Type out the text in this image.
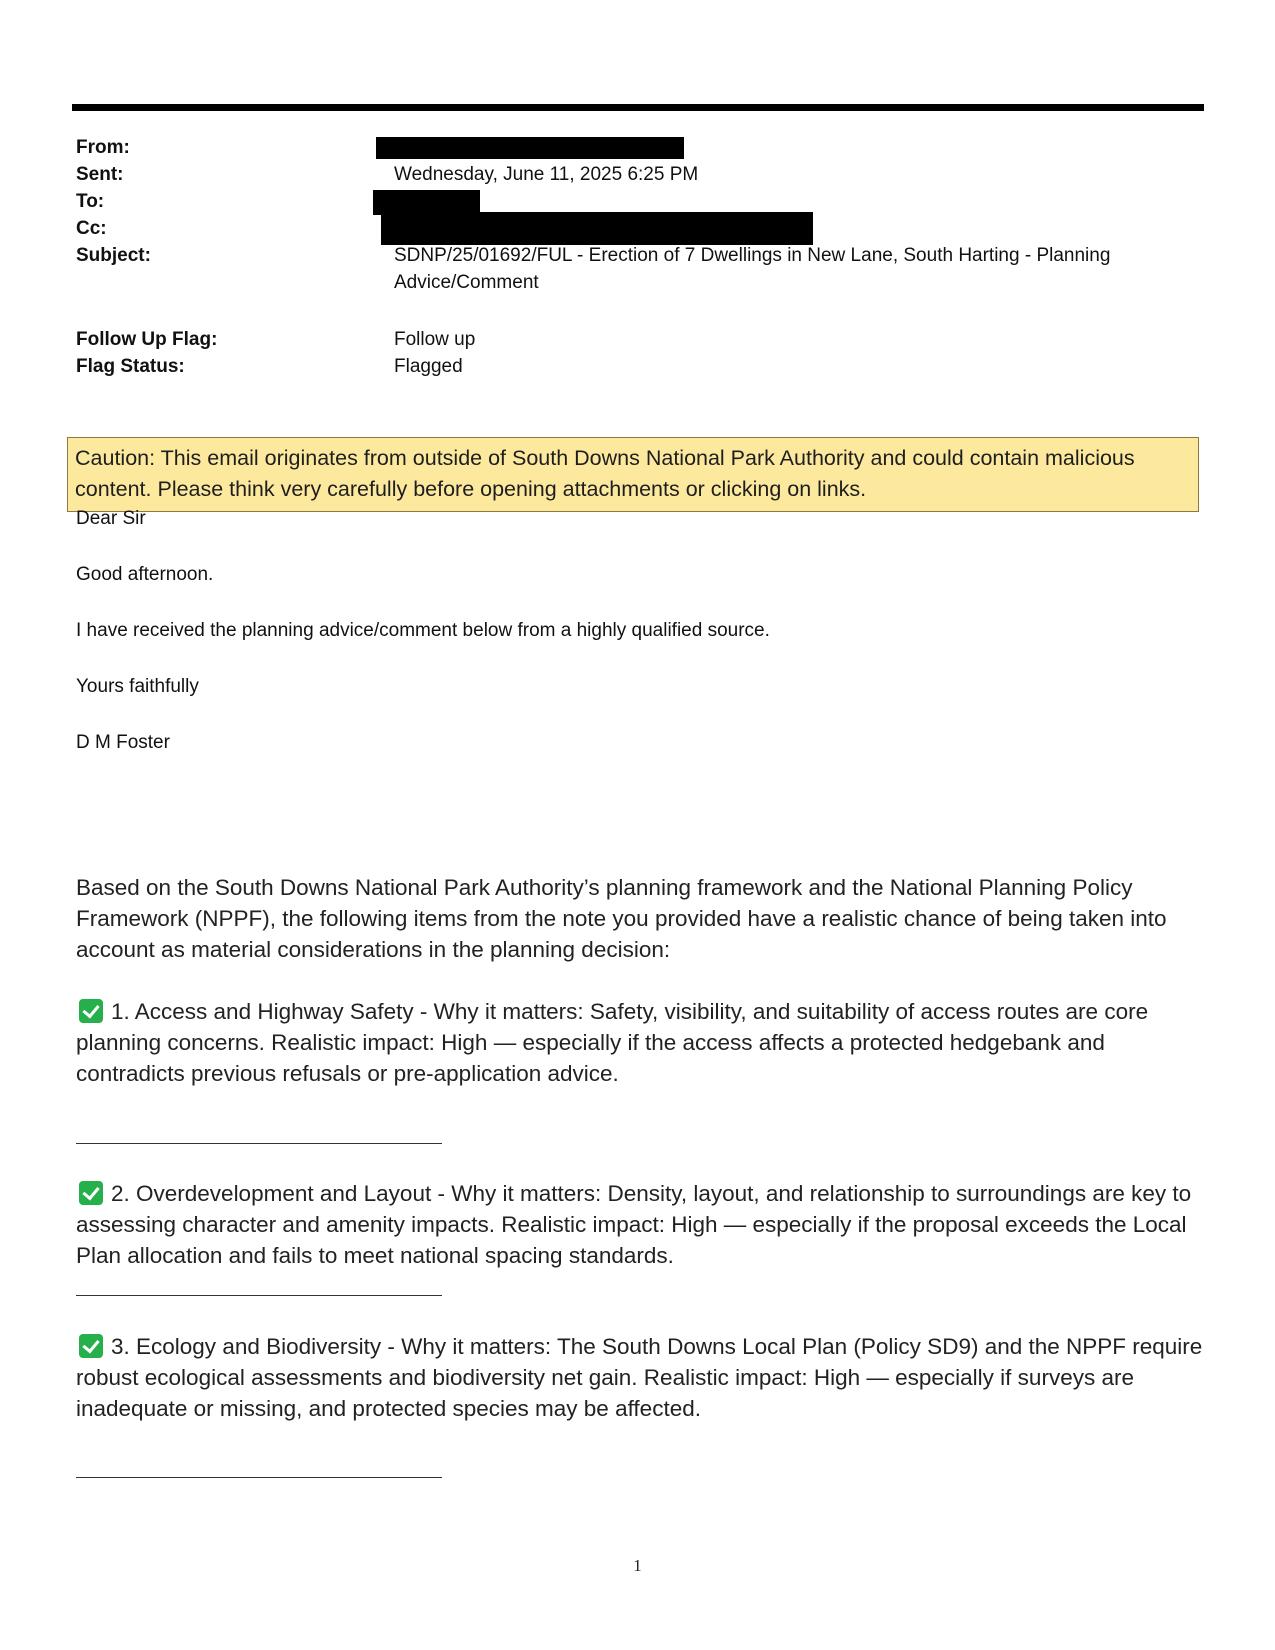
From:
Sent:	Wednesday, June 11, 2025 6:25 PM
To:
Cc:
Subject:	SDNP/25/01692/FUL - Erection of 7 Dwellings in New Lane, South Harting - Planning Advice/Comment
Follow Up Flag:	Follow up
Flag Status:	Flagged
Caution: This email originates from outside of South Downs National Park Authority and could contain malicious content. Please think very carefully before opening attachments or clicking on links.
Dear Sir
Good afternoon.
I have received the planning advice/comment below from a highly qualified source.
Yours faithfully
D M Foster
Based on the South Downs National Park Authority’s planning framework and the National Planning Policy Framework (NPPF), the following items from the note you provided have a realistic chance of being taken into account as material considerations in the planning decision:
1. Access and Highway Safety - Why it matters: Safety, visibility, and suitability of access routes are core planning concerns. Realistic impact: High — especially if the access affects a protected hedgebank and contradicts previous refusals or pre-application advice.
2. Overdevelopment and Layout - Why it matters: Density, layout, and relationship to surroundings are key to assessing character and amenity impacts. Realistic impact: High — especially if the proposal exceeds the Local Plan allocation and fails to meet national spacing standards.
3. Ecology and Biodiversity - Why it matters: The South Downs Local Plan (Policy SD9) and the NPPF require robust ecological assessments and biodiversity net gain. Realistic impact: High — especially if surveys are inadequate or missing, and protected species may be affected.
1
